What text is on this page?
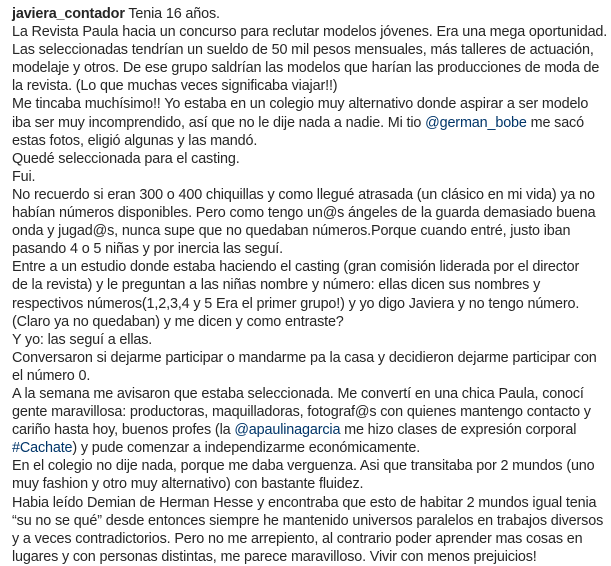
javiera_contador Tenia 16 años.
La Revista Paula hacia un concurso para reclutar modelos jóvenes. Era una mega oportunidad.
Las seleccionadas tendrían un sueldo de 50 mil pesos mensuales, más talleres de actuación,
modelaje y otros. De ese grupo saldrían las modelos que harían las producciones de moda de
la revista. (Lo que muchas veces significaba viajar!!)
Me tincaba muchísimo!! Yo estaba en un colegio muy alternativo donde aspirar a ser modelo
iba ser muy incomprendido, así que no le dije nada a nadie. Mi tio @german_bobe me sacó
estas fotos, eligió algunas y las mandó.
Quedé seleccionada para el casting.
Fui.
No recuerdo si eran 300 o 400 chiquillas y como llegué atrasada (un clásico en mi vida) ya no
habían números disponibles. Pero como tengo un@s ángeles de la guarda demasiado buena
onda y jugad@s, nunca supe que no quedaban números.Porque cuando entré, justo iban
pasando 4 o 5 niñas y por inercia las seguí.
Entre a un estudio donde estaba haciendo el casting (gran comisión liderada por el director
de la revista) y le preguntan a las niñas nombre y número: ellas dicen sus nombres y
respectivos números(1,2,3,4 y 5 Era el primer grupo!) y yo digo Javiera y no tengo número.
(Claro ya no quedaban) y me dicen y como entraste?
Y yo: las seguí a ellas.
Conversaron si dejarme participar o mandarme pa la casa y decidieron dejarme participar con
el número 0.
A la semana me avisaron que estaba seleccionada. Me convertí en una chica Paula, conocí
gente maravillosa: productoras, maquilladoras, fotograf@s con quienes mantengo contacto y
cariño hasta hoy, buenos profes (la @apaulinagarcia me hizo clases de expresión corporal
#Cachate) y pude comenzar a independizarme económicamente.
En el colegio no dije nada, porque me daba verguenza. Asi que transitaba por 2 mundos (uno
muy fashion y otro muy alternativo) con bastante fluidez.
Habia leído Demian de Herman Hesse y encontraba que esto de habitar 2 mundos igual tenia
“su no se qué” desde entonces siempre he mantenido universos paralelos en trabajos diversos
y a veces contradictorios. Pero no me arrepiento, al contrario poder aprender mas cosas en
lugares y con personas distintas, me parece maravilloso. Vivir con menos prejuicios!
